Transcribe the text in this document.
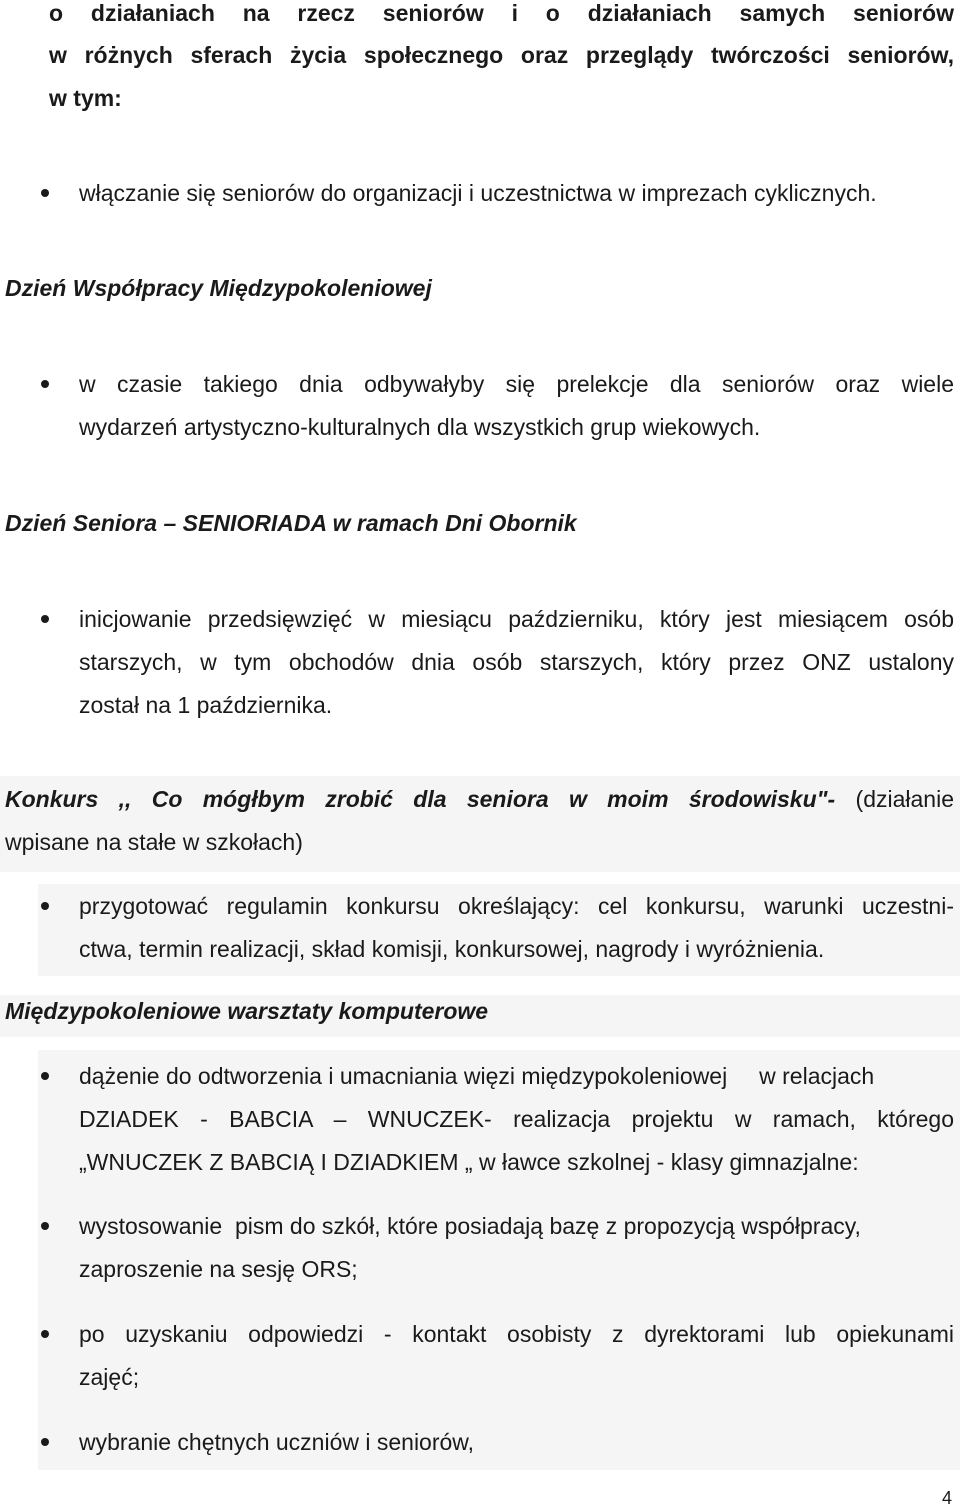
o działaniach na rzecz seniorów i o działaniach samych seniorów
w różnych sferach życia społecznego oraz przeglądy twórczości seniorów,
w tym:
włączanie się seniorów do organizacji i uczestnictwa w imprezach cyklicznych.
Dzień Współpracy Międzypokoleniowej
w czasie takiego dnia odbywałyby się prelekcje dla seniorów oraz wiele
wydarzeń artystyczno-kulturalnych dla wszystkich grup wiekowych.
Dzień Seniora – SENIORIADA w ramach Dni Obornik
inicjowanie przedsięwzięć w miesiącu październiku, który jest miesiącem osób
starszych, w tym obchodów dnia osób starszych, który przez ONZ ustalony
został na 1 października.
Konkurs ,, Co mógłbym zrobić dla seniora w moim środowisku"- (działanie
wpisane na stałe w szkołach)
przygotować regulamin konkursu określający: cel konkursu, warunki uczestni-
ctwa, termin realizacji, skład komisji, konkursowej, nagrody i wyróżnienia.
Międzypokoleniowe warsztaty komputerowe
dążenie do odtworzenia i umacniania więzi międzypokoleniowej     w relacjach
DZIADEK - BABCIA – WNUCZEK- realizacja projektu w ramach, którego
„WNUCZEK Z BABCIĄ I DZIADKIEM „ w ławce szkolnej - klasy gimnazjalne:
wystosowanie  pism do szkół, które posiadają bazę z propozycją współpracy,
zaproszenie na sesję ORS;
po uzyskaniu odpowiedzi - kontakt osobisty z dyrektorami lub opiekunami
zajęć;
wybranie chętnych uczniów i seniorów,
4
